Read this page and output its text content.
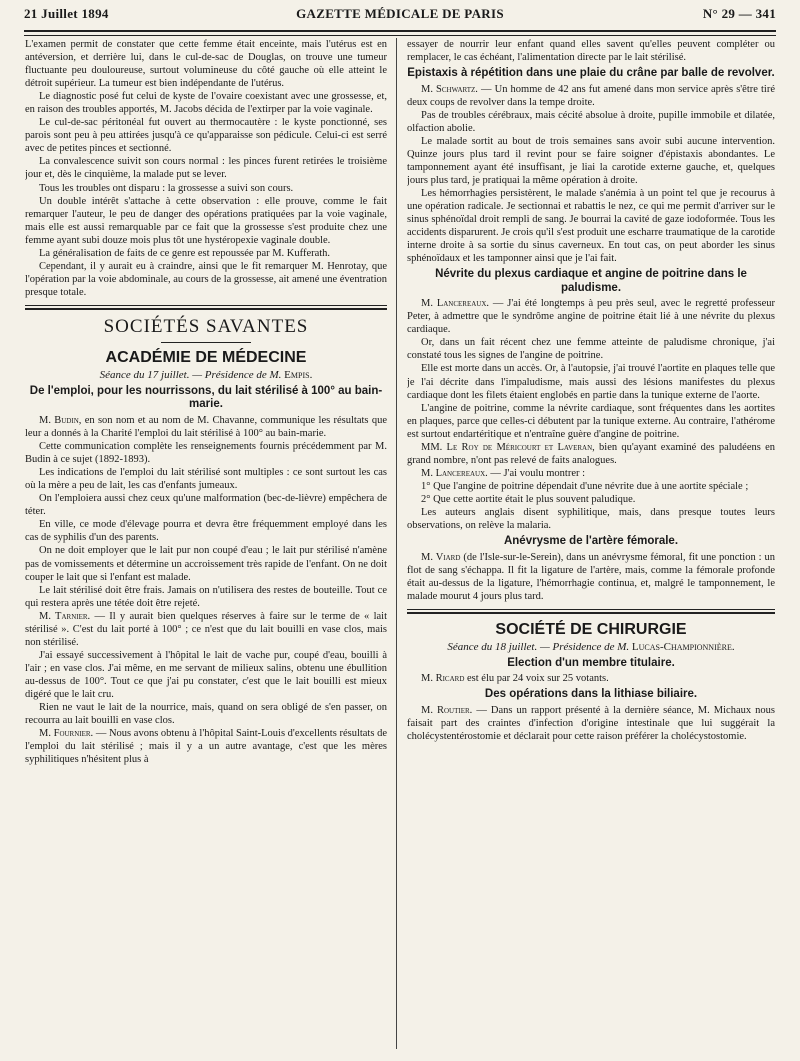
21 Juillet 1894	GAZETTE MÉDICALE DE PARIS	N° 29 — 341

L'examen permit de constater que cette femme était enceinte, mais l'utérus est en antéversion, et derrière lui, dans le cul-de-sac de Douglas, on trouve une tumeur fluctuante peu douloureuse, surtout volumineuse du côté gauche où elle atteint le détroit supérieur. La tumeur est bien indépendante de l'utérus.

Le diagnostic posé fut celui de kyste de l'ovaire coexistant avec une grossesse, et, en raison des troubles apportés, M. Jacobs décida de l'extirper par la voie vaginale.

Le cul-de-sac péritonéal fut ouvert au thermocautère : le kyste ponctionné, ses parois sont peu à peu attirées jusqu'à ce qu'apparaisse son pédicule. Celui-ci est serré avec de petites pinces et sectionné.

La convalescence suivit son cours normal : les pinces furent retirées le troisième jour et, dès le cinquième, la malade put se lever.

Tous les troubles ont disparu : la grossesse a suivi son cours.

Un double intérêt s'attache à cette observation : elle prouve, comme le fait remarquer l'auteur, le peu de danger des opérations pratiquées par la voie vaginale, mais elle est aussi remarquable par ce fait que la grossesse s'est produite chez une femme ayant subi douze mois plus tôt une hystéropexie vaginale double.

La généralisation de faits de ce genre est repoussée par M. Kufferath.

Cependant, il y aurait eu à craindre, ainsi que le fit remarquer M. Henrotay, que l'opération par la voie abdominale, au cours de la grossesse, ait amené une éventration presque totale.

SOCIÉTÉS SAVANTES
ACADÉMIE DE MÉDECINE
Séance du 17 juillet. — Présidence de M. Empis.
De l'emploi, pour les nourrissons, du lait stérilisé à 100° au bain-marie.

M. Budin, en son nom et au nom de M. Chavanne, communique les résultats que leur a donnés à la Charité l'emploi du lait stérilisé à 100° au bain-marie.

Cette communication complète les renseignements fournis précédemment par M. Budin à ce sujet (1892-1893).

Les indications de l'emploi du lait stérilisé sont multiples : ce sont surtout les cas où la mère a peu de lait, les cas d'enfants jumeaux.

On l'emploiera aussi chez ceux qu'une malformation (bec-de-lièvre) empêchera de téter.

En ville, ce mode d'élevage pourra et devra être fréquemment employé dans les cas de syphilis d'un des parents.

On ne doit employer que le lait pur non coupé d'eau ; le lait pur stérilisé n'amène pas de vomissements et détermine un accroissement très rapide de l'enfant. On ne doit couper le lait que si l'enfant est malade.

Le lait stérilisé doit être frais. Jamais on n'utilisera des restes de bouteille. Tout ce qui restera après une tétée doit être rejeté.

M. Tarnier. — Il y aurait bien quelques réserves à faire sur le terme de « lait stérilisé ». C'est du lait porté à 100° ; ce n'est que du lait bouilli en vase clos, mais non stérilisé.

J'ai essayé successivement à l'hôpital le lait de vache pur, coupé d'eau, bouilli à l'air ; en vase clos. J'ai même, en me servant de milieux salins, obtenu une ébullition au-dessus de 100°. Tout ce que j'ai pu constater, c'est que le lait bouilli est mieux digéré que le lait cru.

Rien ne vaut le lait de la nourrice, mais, quand on sera obligé de s'en passer, on recourra au lait bouilli en vase clos.

M. Fournier. — Nous avons obtenu à l'hôpital Saint-Louis d'excellents résultats de l'emploi du lait stérilisé ; mais il y a un autre avantage, c'est que les mères syphilitiques n'hésitent plus à

essayer de nourrir leur enfant quand elles savent qu'elles peuvent compléter ou remplacer, le cas échéant, l'alimentation directe par le lait stérilisé.

Epistaxis à répétition dans une plaie du crâne par balle de revolver.

M. Schwartz. — Un homme de 42 ans fut amené dans mon service après s'être tiré deux coups de revolver dans la tempe droite.

Pas de troubles cérébraux, mais cécité absolue à droite, pupille immobile et dilatée, olfaction abolie.

Le malade sortit au bout de trois semaines sans avoir subi aucune intervention. Quinze jours plus tard il revint pour se faire soigner d'épistaxis abondantes. Le tamponnement ayant été insuffisant, je liai la carotide externe gauche, et, quelques jours plus tard, je pratiquai la même opération à droite.

Les hémorrhagies persistèrent, le malade s'anémia à un point tel que je recourus à une opération radicale. Je sectionnai et rabattis le nez, ce qui me permit d'arriver sur le sinus sphénoïdal droit rempli de sang. Je bourrai la cavité de gaze iodoformée. Tous les accidents disparurent. Je crois qu'il s'est produit une escharre traumatique de la carotide interne droite à sa sortie du sinus caverneux. En tout cas, on peut aborder les sinus sphénoïdaux et les tamponner ainsi que je l'ai fait.

Névrite du plexus cardiaque et angine de poitrine dans le paludisme.

M. Lancereaux. — J'ai été longtemps à peu près seul, avec le regretté professeur Peter, à admettre que le syndrôme angine de poitrine était lié à une névrite du plexus cardiaque.

Or, dans un fait récent chez une femme atteinte de paludisme chronique, j'ai constaté tous les signes de l'angine de poitrine.

Elle est morte dans un accès. Or, à l'autopsie, j'ai trouvé l'aortite en plaques telle que je l'ai décrite dans l'impaludisme, mais aussi des lésions manifestes du plexus cardiaque dont les filets étaient englobés en partie dans la tunique externe de l'aorte.

L'angine de poitrine, comme la névrite cardiaque, sont fréquentes dans les aortites en plaques, parce que celles-ci débutent par la tunique externe. Au contraire, l'athérome est surtout endartéritique et n'entraîne guère d'angine de poitrine.

MM. Le Roy de Méricourt et Laveran, bien qu'ayant examiné des paludéens en grand nombre, n'ont pas relevé de faits analogues.

M. Lancereaux. — J'ai voulu montrer :

1° Que l'angine de poitrine dépendait d'une névrite due à une aortite spéciale ;

2° Que cette aortite était le plus souvent paludique.

Les auteurs anglais disent syphilitique, mais, dans presque toutes leurs observations, on relève la malaria.

Anévrysme de l'artère fémorale.

M. Viard (de l'Isle-sur-le-Serein), dans un anévrysme fémoral, fit une ponction : un flot de sang s'échappa. Il fit la ligature de l'artère, mais, comme la fémorale profonde était au-dessus de la ligature, l'hémorrhagie continua, et, malgré le tamponnement, le malade mourut 4 jours plus tard.

SOCIÉTÉ DE CHIRURGIE
Séance du 18 juillet. — Présidence de M. Lucas-Championnière.
Election d'un membre titulaire.

M. Ricard est élu par 24 voix sur 25 votants.

Des opérations dans la lithiase biliaire.

M. Routier. — Dans un rapport présenté à la dernière séance, M. Michaux nous faisait part des craintes d'infection d'origine intestinale que lui suggérait la cholécystentérostomie et déclarait pour cette raison préférer la cholécystostomie.
